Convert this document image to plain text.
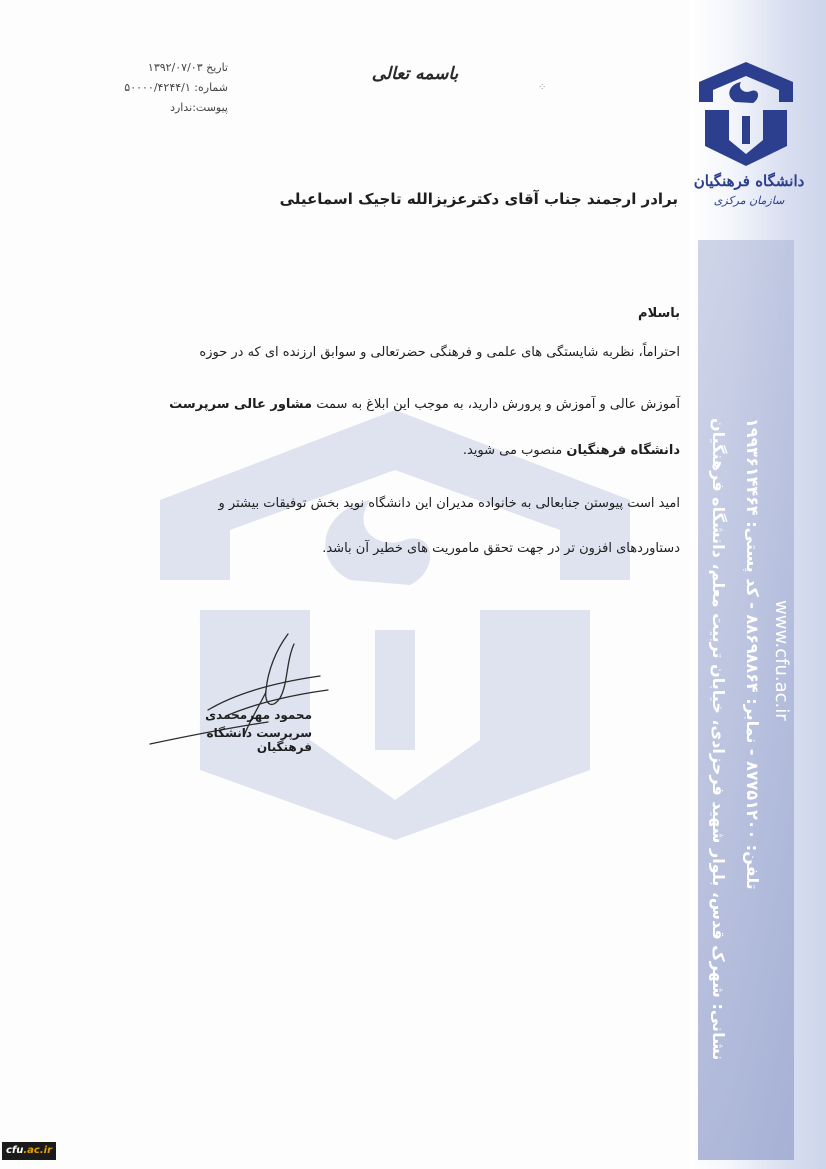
دانشگاه فرهنگیان
سازمان مرکزی
نشانی: شهرک قدس، بلوار شهید فرحزادی، خیابان تربیت معلم، دانشگاه فرهنگیان تلفن: ۸۷۷۵۱۲۰۰ - نمابر: ۸۸۶۹۸۸۶۴ - کد پستی: ۱۹۹۳۶۱۴۴۶۴
www.cfu.ac.ir
تاریخ ۱۳۹۲/۰۷/۰۳
شماره: ۵۰۰۰۰/۴۲۴۴/۱
پیوست:ندارد
باسمه تعالی
⁘
برادر ارجمند جناب آقای دکترعزیزالله تاجیک اسماعیلی
باسلام
احتراماً، نظربه شایستگی های علمی و فرهنگی حضرتعالی و سوابق ارزنده ای که در حوزه
آموزش عالی و آموزش و پرورش دارید، به موجب این ابلاغ به سمت مشاور عالی سرپرست
دانشگاه فرهنگیان منصوب می شوید.
امید است پیوستن جنابعالی به خانواده مدیران این دانشگاه نوید بخش توفیقات بیشتر و
دستاوردهای افزون تر در جهت تحقق ماموریت های خطیر آن باشد.
محمود مهرمحمدی
سرپرست دانشگاه فرهنگیان
cfu.ac.ir
